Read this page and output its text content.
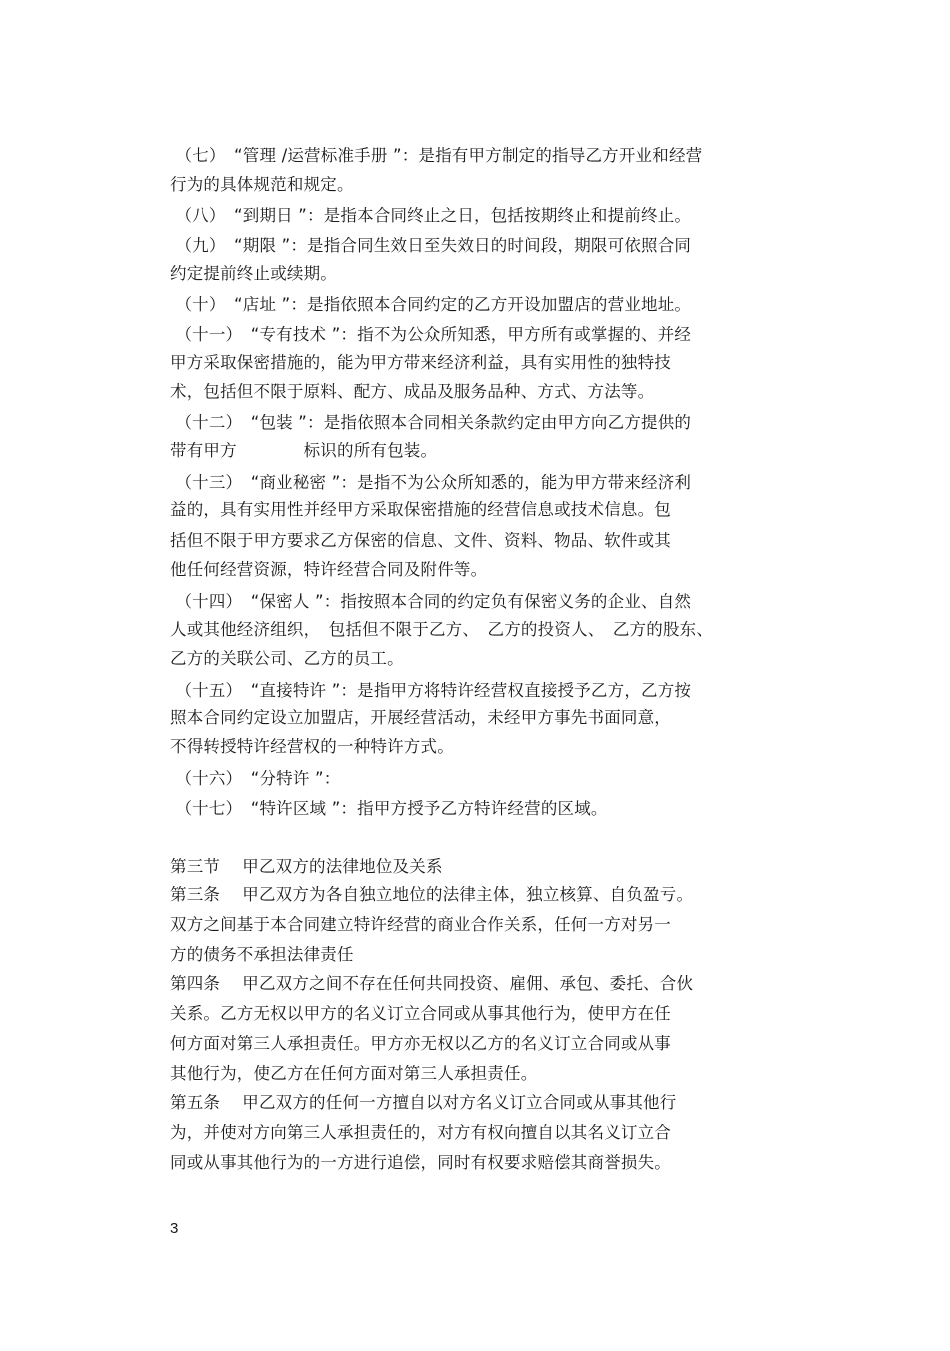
（七）　“管理 /运营标准手册 ”：是指有甲方制定的指导乙方开业和经营
行为的具体规范和规定。
（八）　“到期日 ”：是指本合同终止之日，包括按期终止和提前终止。
（九）　“期限 ”：是指合同生效日至失效日的时间段，期限可依照合同
约定提前终止或续期。
（十）　“店址 ”：是指依照本合同约定的乙方开设加盟店的营业地址。
（十一）　“专有技术 ”：指不为公众所知悉，甲方所有或掌握的、并经
甲方采取保密措施的，能为甲方带来经济利益，具有实用性的独特技
术，包括但不限于原料、配方、成品及服务品种、方式、方法等。
（十二）　“包装 ”：是指依照本合同相关条款约定由甲方向乙方提供的
带有甲方　　　　标识的所有包装。
（十三）　“商业秘密 ”：是指不为公众所知悉的，能为甲方带来经济利
益的，具有实用性并经甲方采取保密措施的经营信息或技术信息。包
括但不限于甲方要求乙方保密的信息、文件、资料、物品、软件或其
他任何经营资源，特许经营合同及附件等。
（十四）　“保密人 ”：指按照本合同的约定负有保密义务的企业、自然
人或其他经济组织，　包括但不限于乙方、　乙方的投资人、　乙方的股东、
乙方的关联公司、乙方的员工。
（十五）　“直接特许 ”：是指甲方将特许经营权直接授予乙方，乙方按
照本合同约定设立加盟店，开展经营活动，未经甲方事先书面同意，
不得转授特许经营权的一种特许方式。
（十六）　“分特许 ”：
（十七）　“特许区域 ”：指甲方授予乙方特许经营的区域。
第三节　 甲乙双方的法律地位及关系
第三条　 甲乙双方为各自独立地位的法律主体，独立核算、自负盈亏。
双方之间基于本合同建立特许经营的商业合作关系，任何一方对另一
方的债务不承担法律责任
第四条　 甲乙双方之间不存在任何共同投资、雇佣、承包、委托、合伙
关系。乙方无权以甲方的名义订立合同或从事其他行为，使甲方在任
何方面对第三人承担责任。甲方亦无权以乙方的名义订立合同或从事
其他行为，使乙方在任何方面对第三人承担责任。
第五条　 甲乙双方的任何一方擅自以对方名义订立合同或从事其他行
为，并使对方向第三人承担责任的，对方有权向擅自以其名义订立合
同或从事其他行为的一方进行追偿，同时有权要求赔偿其商誉损失。
3
